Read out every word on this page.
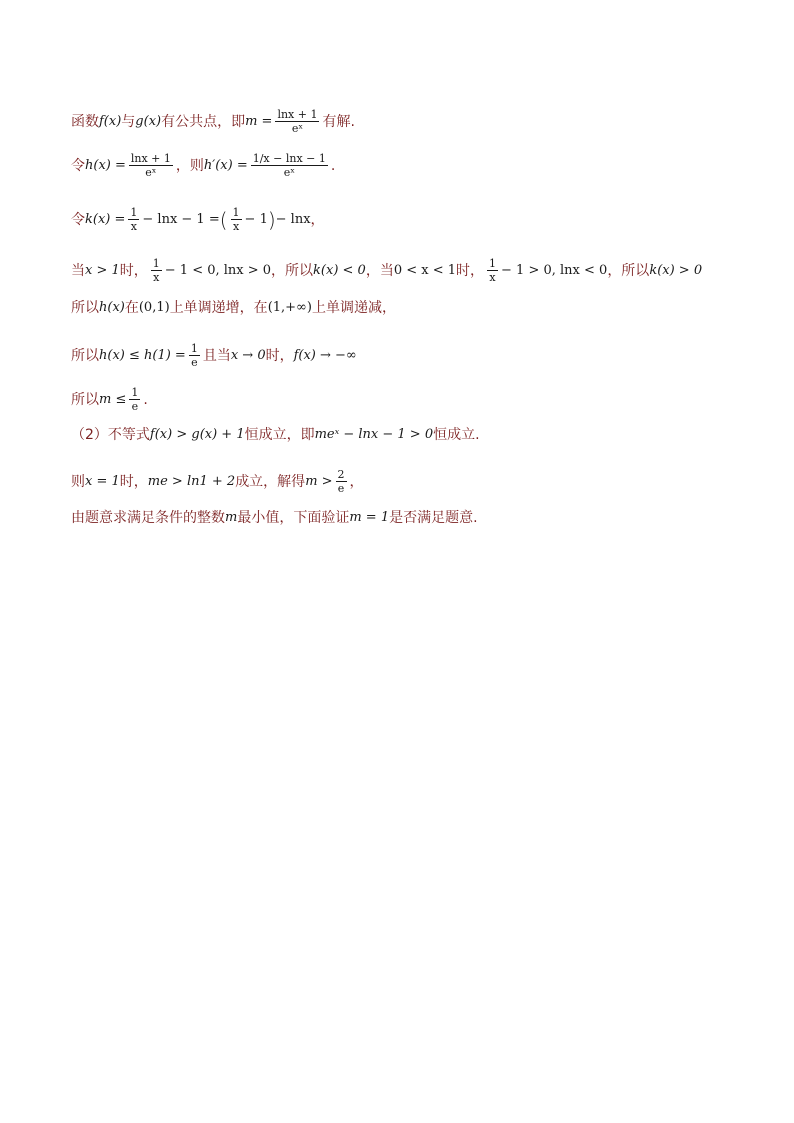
函数 f(x) 与 g(x) 有公共点，即 $m = \frac{\ln x + 1}{\text{eˣ}}$ 有解.
令 $h(x) = \frac{\ln x + 1}{\text{eˣ}}$ ，则 $h'(x) = \frac{1/x - \ln x - 1}{\text{eˣ}}$ .
令 $k(x) = \frac{1}{x} - \ln x - 1$ = ( $\frac{1}{x} - 1$ ) − lnx ，
当 x > 1 时， $\frac{1}{x} - 1 < 0$, lnx > 0 ，所以 k(x) < 0 ，当 0 < x < 1 时， $\frac{1}{x} - 1 > 0$, lnx < 0 ，所以 k(x) > 0
所以 h(x) 在 (0,1) 上单调递增，在 (1,+∞) 上单调递减，
所以 $h(x) \le h(1) = \frac{1}{e}$ 且当 x → 0 时， f(x) → −∞
所以 $m \le \frac{1}{e}$ .
（2）不等式 f(x) > g(x) + 1 恒成立，即 meˣ − lnx − 1 > 0 恒成立.
则 x = 1 时， me > ln1 + 2 成立，解得 $m > \frac{2}{e}$ ，
由题意求满足条件的整数 m 最小值，下面验证 m = 1 是否满足题意.
